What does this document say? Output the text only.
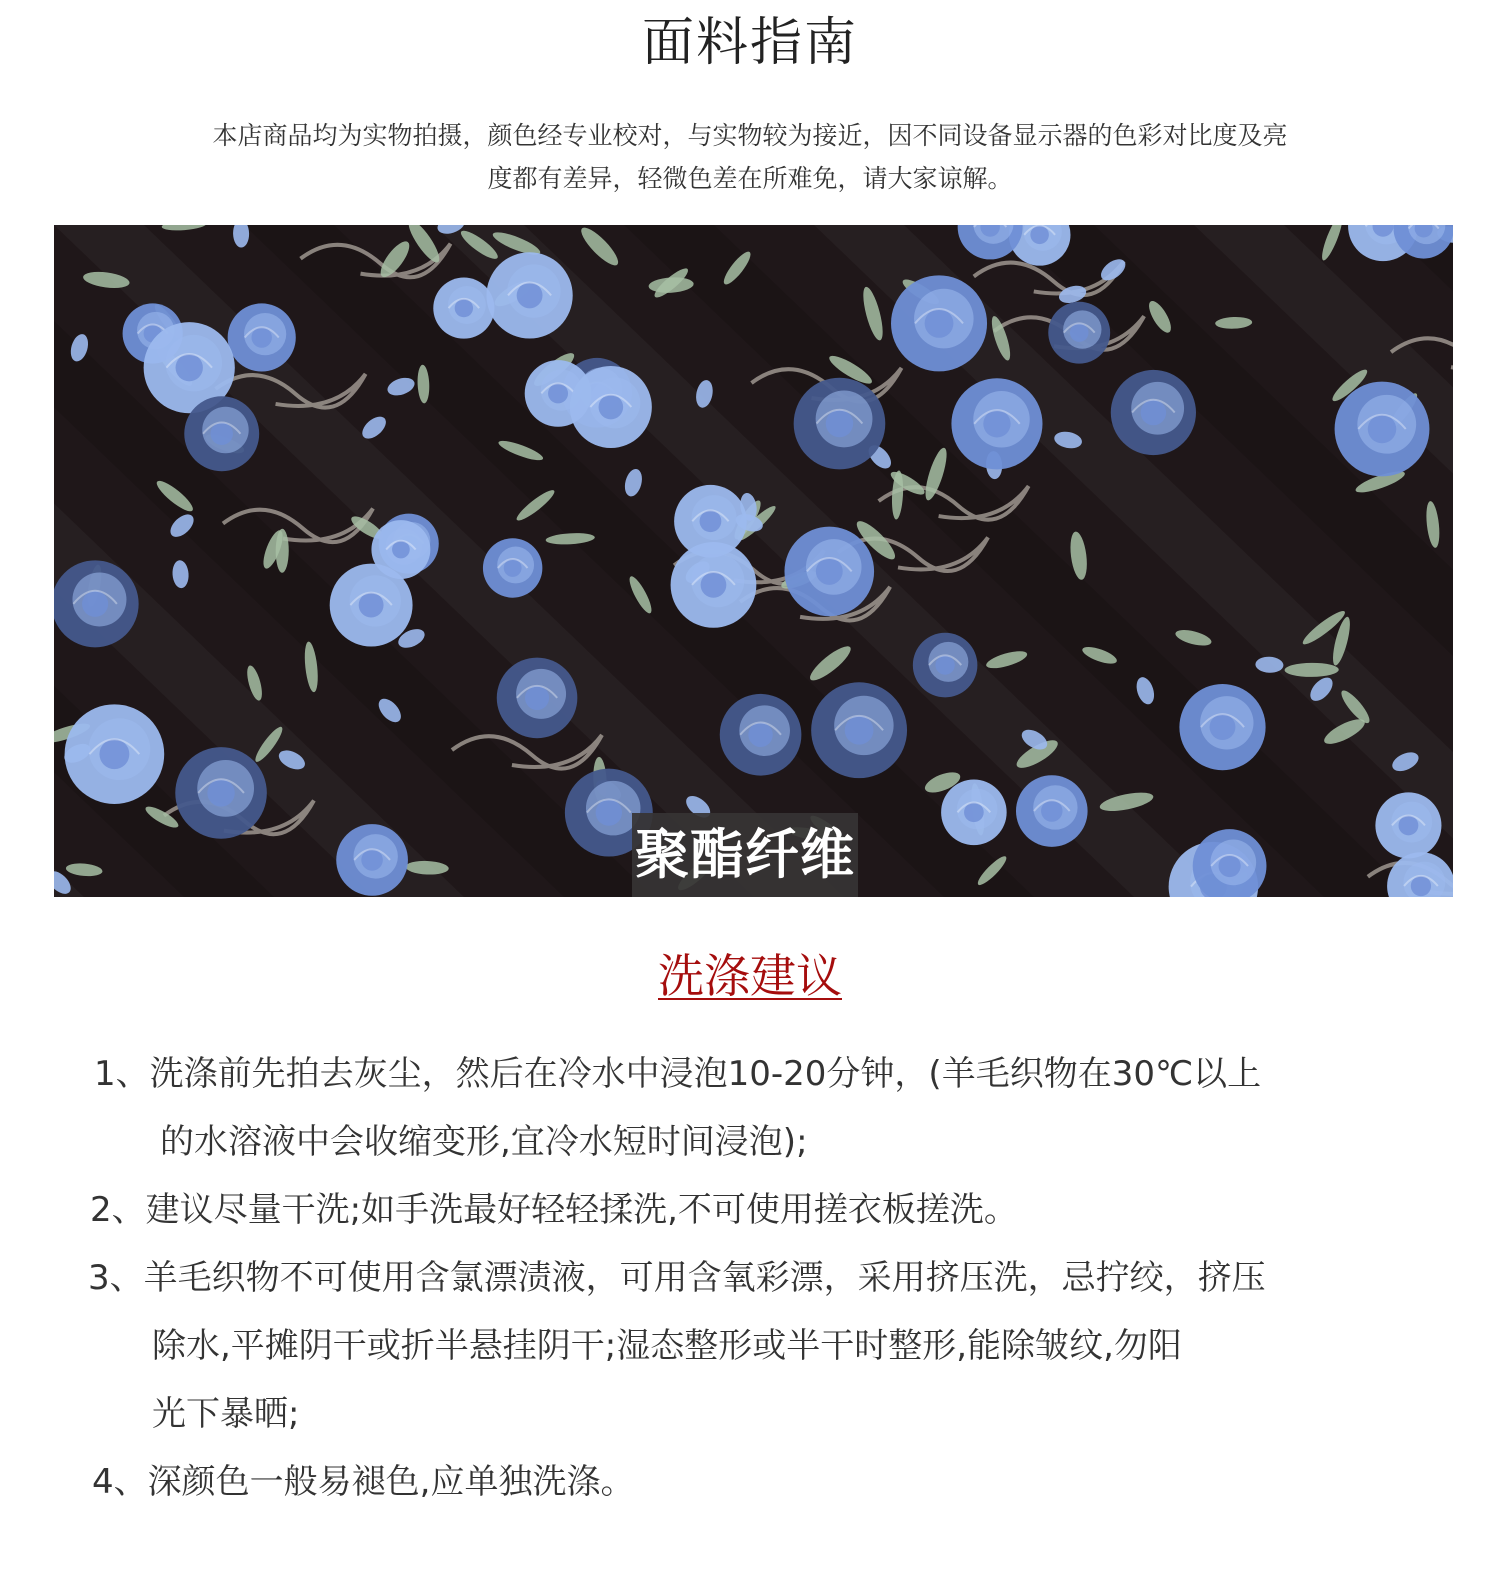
面料指南
本店商品均为实物拍摄，颜色经专业校对，与实物较为接近，因不同设备显示器的色彩对比度及亮
度都有差异，轻微色差在所难免，请大家谅解。
聚酯纤维
洗涤建议
1、洗涤前先拍去灰尘，然后在冷水中浸泡10-20分钟，(羊毛织物在30℃以上
的水溶液中会收缩变形,宜冷水短时间浸泡);
2、建议尽量干洗;如手洗最好轻轻揉洗,不可使用搓衣板搓洗。
3、羊毛织物不可使用含氯漂渍液，可用含氧彩漂，采用挤压洗，忌拧绞，挤压
除水,平摊阴干或折半悬挂阴干;湿态整形或半干时整形,能除皱纹,勿阳
光下暴晒;
4、深颜色一般易褪色,应单独洗涤。
